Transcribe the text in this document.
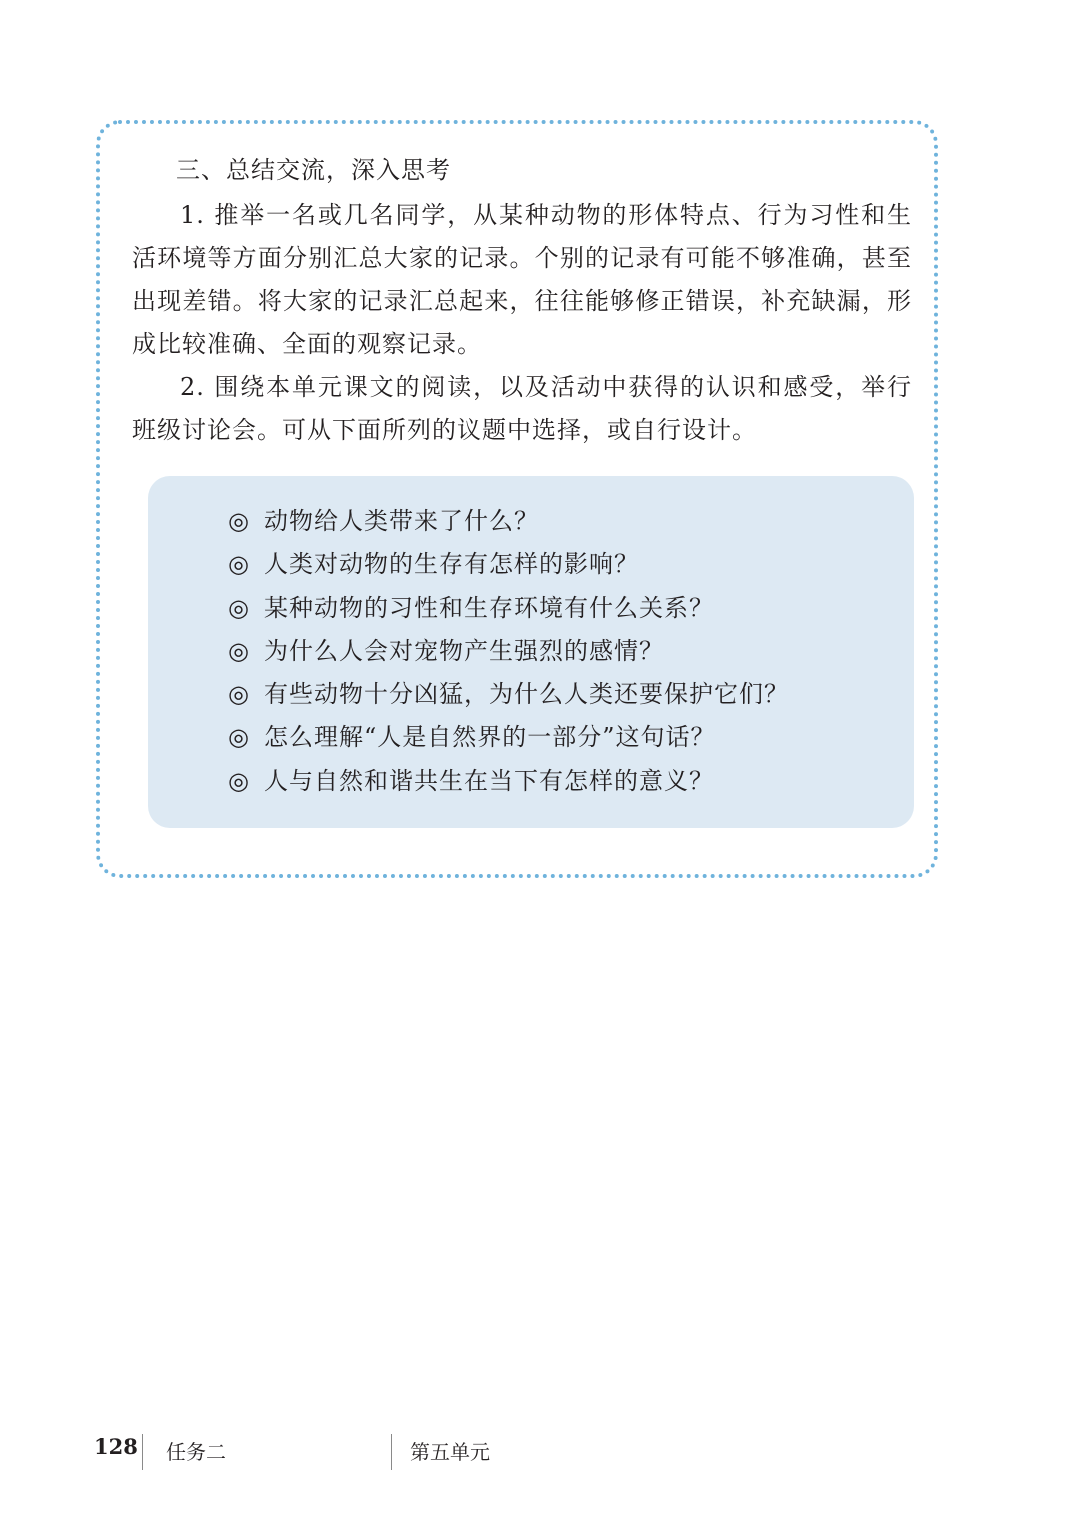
三、总结交流，深入思考

1. 推举一名或几名同学，从某种动物的形体特点、行为习性和生活环境等方面分别汇总大家的记录。个别的记录有可能不够准确，甚至出现差错。将大家的记录汇总起来，往往能够修正错误，补充缺漏，形成比较准确、全面的观察记录。

2. 围绕本单元课文的阅读，以及活动中获得的认识和感受，举行班级讨论会。可从下面所列的议题中选择，或自行设计。

◎ 动物给人类带来了什么？
◎ 人类对动物的生存有怎样的影响？
◎ 某种动物的习性和生存环境有什么关系？
◎ 为什么人会对宠物产生强烈的感情？
◎ 有些动物十分凶猛，为什么人类还要保护它们？
◎ 怎么理解“人是自然界的一部分”这句话？
◎ 人与自然和谐共生在当下有怎样的意义？
128 任务二	第五单元
